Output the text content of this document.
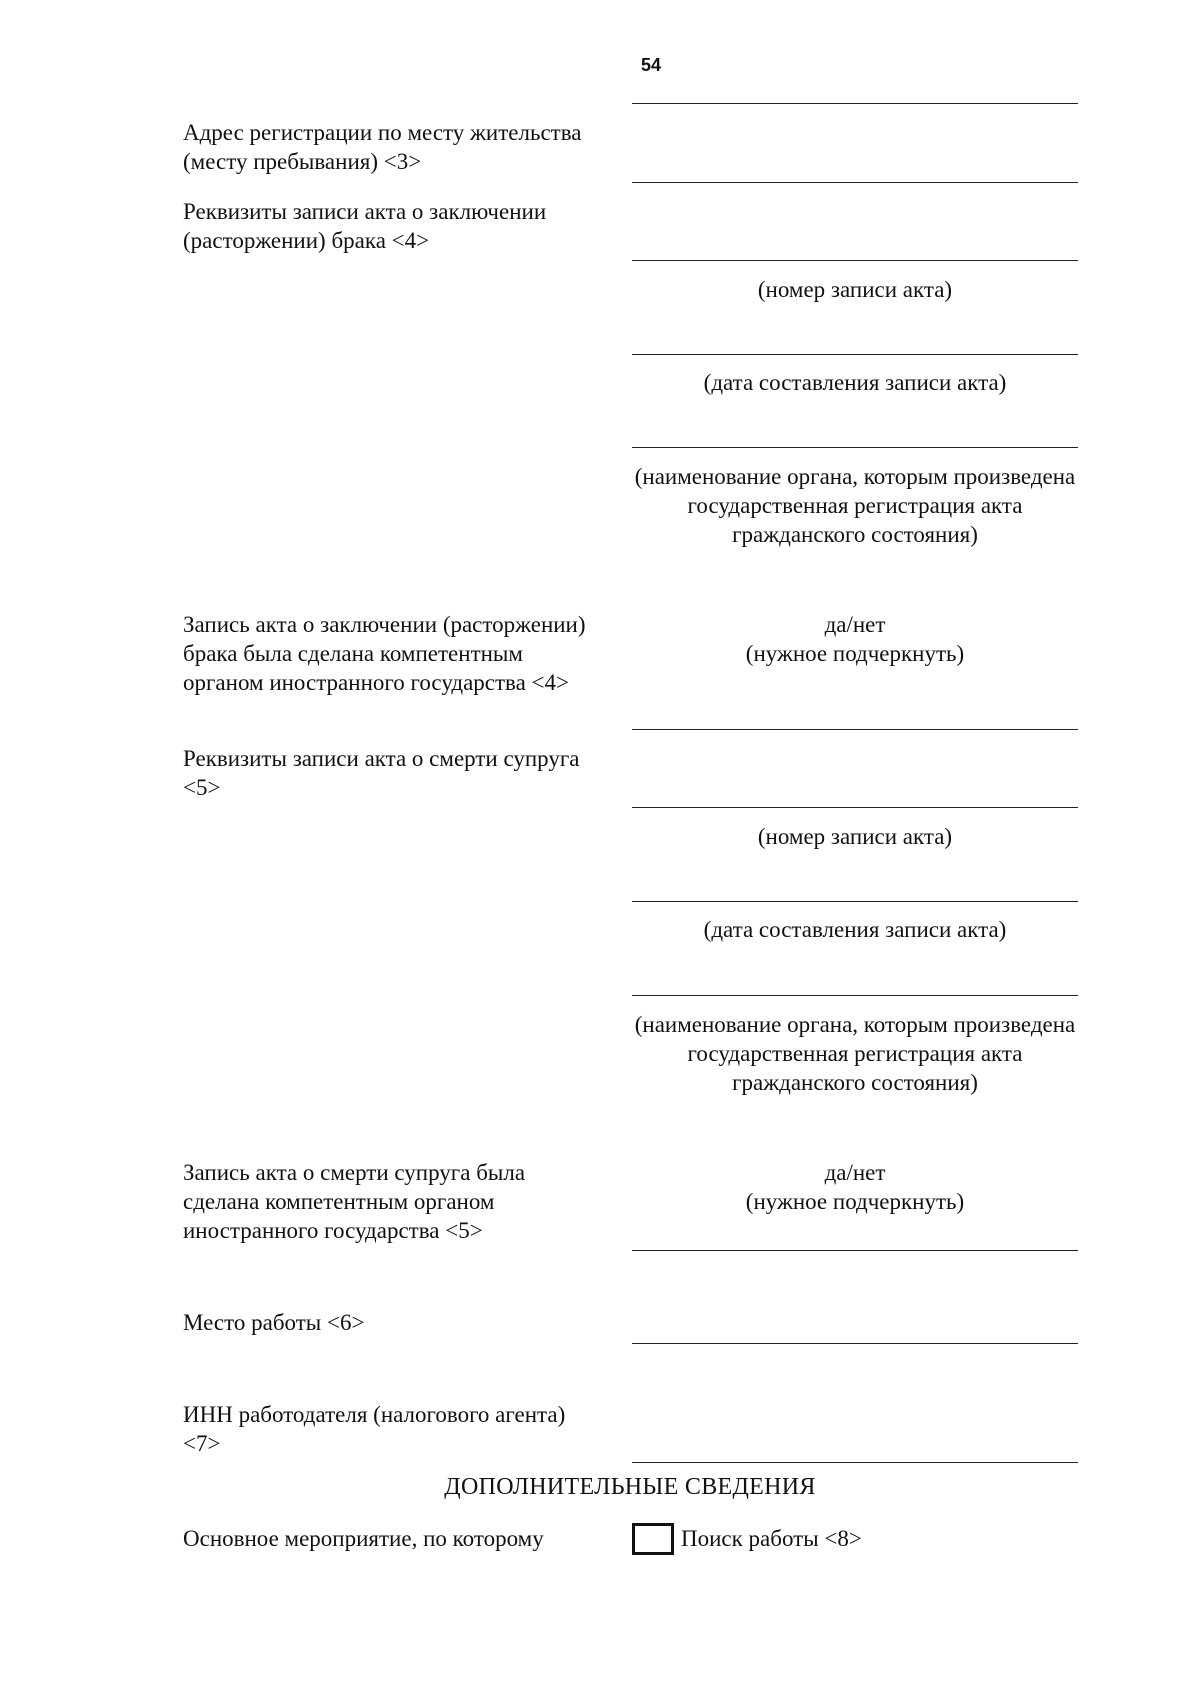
54
Адрес регистрации по месту жительства (месту пребывания) <3>
Реквизиты записи акта о заключении (расторжении) брака <4>
(номер записи акта)
(дата составления записи акта)
(наименование органа, которым произведена государственная регистрация акта гражданского состояния)
Запись акта о заключении (расторжении) брака была сделана компетентным органом иностранного государства <4>
да/нет
(нужное подчеркнуть)
Реквизиты записи акта о смерти супруга <5>
(номер записи акта)
(дата составления записи акта)
(наименование органа, которым произведена государственная регистрация акта гражданского состояния)
Запись акта о смерти супруга была сделана компетентным органом иностранного государства <5>
да/нет
(нужное подчеркнуть)
Место работы <6>
ИНН работодателя (налогового агента) <7>
ДОПОЛНИТЕЛЬНЫЕ СВЕДЕНИЯ
Основное мероприятие, по которому	Поиск работы <8>
